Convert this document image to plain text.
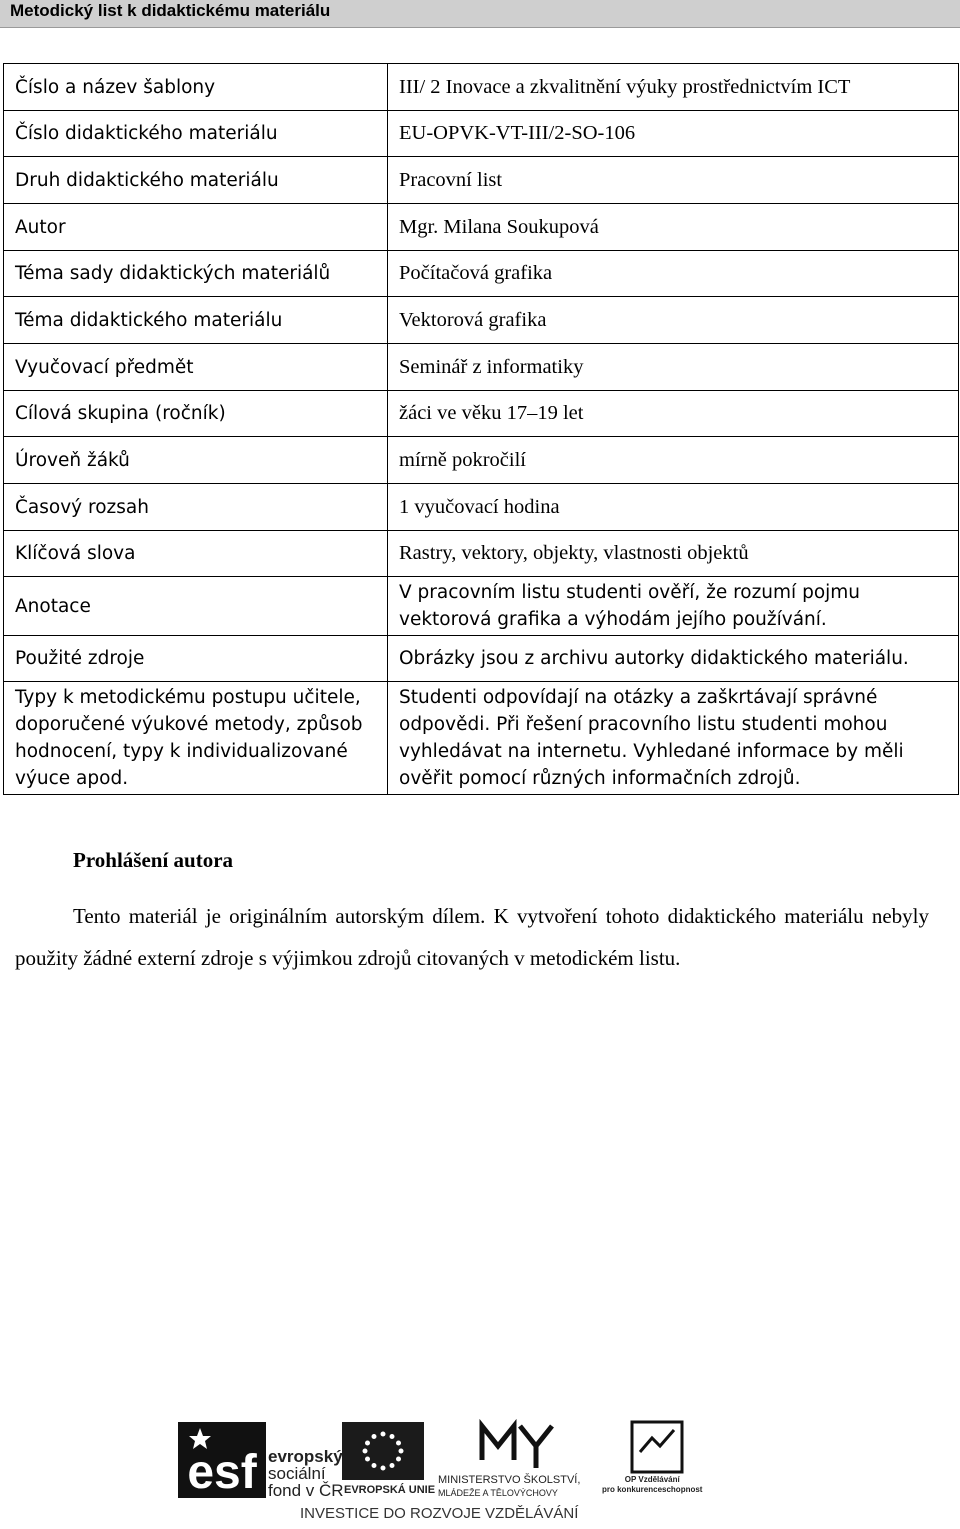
Metodický list k didaktickému materiálu
Číslo a název šablony	III/ 2 Inovace a zkvalitnění výuky prostřednictvím ICT
Číslo didaktického materiálu	EU-OPVK-VT-III/2-SO-106
Druh didaktického materiálu	Pracovní list
Autor	Mgr. Milana Soukupová
Téma sady didaktických materiálů	Počítačová grafika
Téma didaktického materiálu	Vektorová grafika
Vyučovací předmět	Seminář z informatiky
Cílová skupina (ročník)	žáci ve věku 17–19 let
Úroveň žáků	mírně pokročilí
Časový rozsah	1 vyučovací hodina
Klíčová slova	Rastry, vektory, objekty, vlastnosti objektů
Anotace	V pracovním listu studenti ověří, že rozumí pojmu vektorová grafika a výhodám jejího používání.
Použité zdroje	Obrázky jsou z archivu autorky didaktického materiálu.
Typy k metodickému postupu učitele, doporučené výukové metody, způsob hodnocení, typy k individualizované výuce apod.	Studenti odpovídají na otázky a zaškrtávají správné odpovědi. Při řešení pracovního listu studenti mohou vyhledávat na internetu. Vyhledané informace by měli ověřit pomocí různých informačních zdrojů.
Prohlášení autora
Tento materiál je originálním autorským dílem. K vytvoření tohoto didaktického materiálu nebyly použity žádné externí zdroje s výjimkou zdrojů citovaných v metodickém listu.
esf evropský
sociální
fond v ČR EVROPSKÁ UNIE
MINISTERSTVO ŠKOLSTVÍ,
MLÁDEŽE A TĚLOVÝCHOVY
OP Vzdělávání
pro konkurenceschopnost
INVESTICE DO ROZVOJE VZDĚLÁVÁNÍ
